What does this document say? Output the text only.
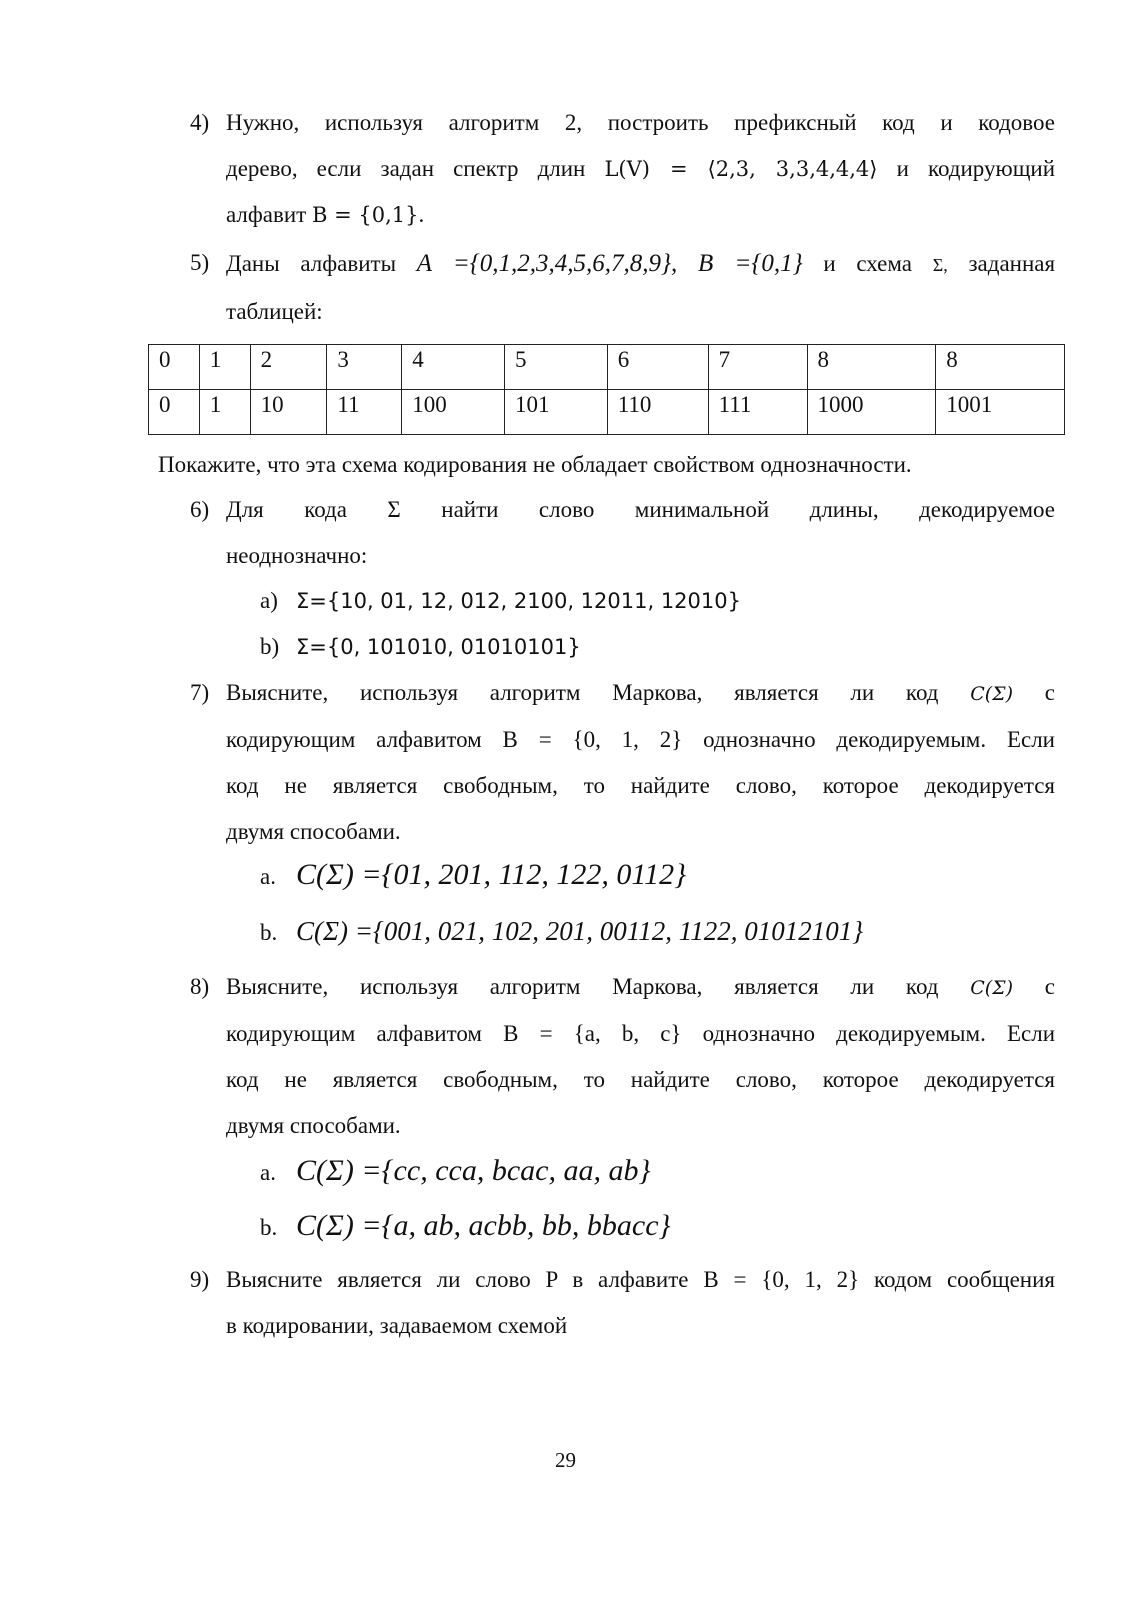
4) Нужно, используя алгоритм 2, построить префиксный код и кодовое
дерево, если задан спектр длин L(V) = ⟨2,3, 3,3,4,4,4⟩ и кодирующий
алфавит B = {0,1}.
5) Даны алфавиты A ={0,1,2,3,4,5,6,7,8,9}, B ={0,1} и схема Σ, заданная
таблицей:
0	1	2	3	4	5	6	7	8	8
0	1	10	11	100	101	110	111	1000	1001
Покажите, что эта схема кодирования не обладает свойством однозначности.
6) Для кода Σ найти слово минимальной длины, декодируемое
неоднозначно:
a) Σ={10, 01, 12, 012, 2100, 12011, 12010}
b) Σ={0, 101010, 01010101}
7) Выясните, используя алгоритм Маркова, является ли код C(Σ) с
кодирующим алфавитом B = {0, 1, 2} однозначно декодируемым. Если
код не является свободным, то найдите слово, которое декодируется
двумя способами.
a. C(Σ) ={01, 201, 112, 122, 0112}
b. C(Σ) ={001, 021, 102, 201, 00112, 1122, 01012101}
8) Выясните, используя алгоритм Маркова, является ли код C(Σ) с
кодирующим алфавитом B = {a, b, c} однозначно декодируемым. Если
код не является свободным, то найдите слово, которое декодируется
двумя способами.
a. C(Σ) ={cc, cca, bcac, aa, ab}
b. C(Σ) ={a, ab, acbb, bb, bbacc}
9) Выясните является ли слово P в алфавите B = {0, 1, 2} кодом сообщения
в кодировании, задаваемом схемой
29
